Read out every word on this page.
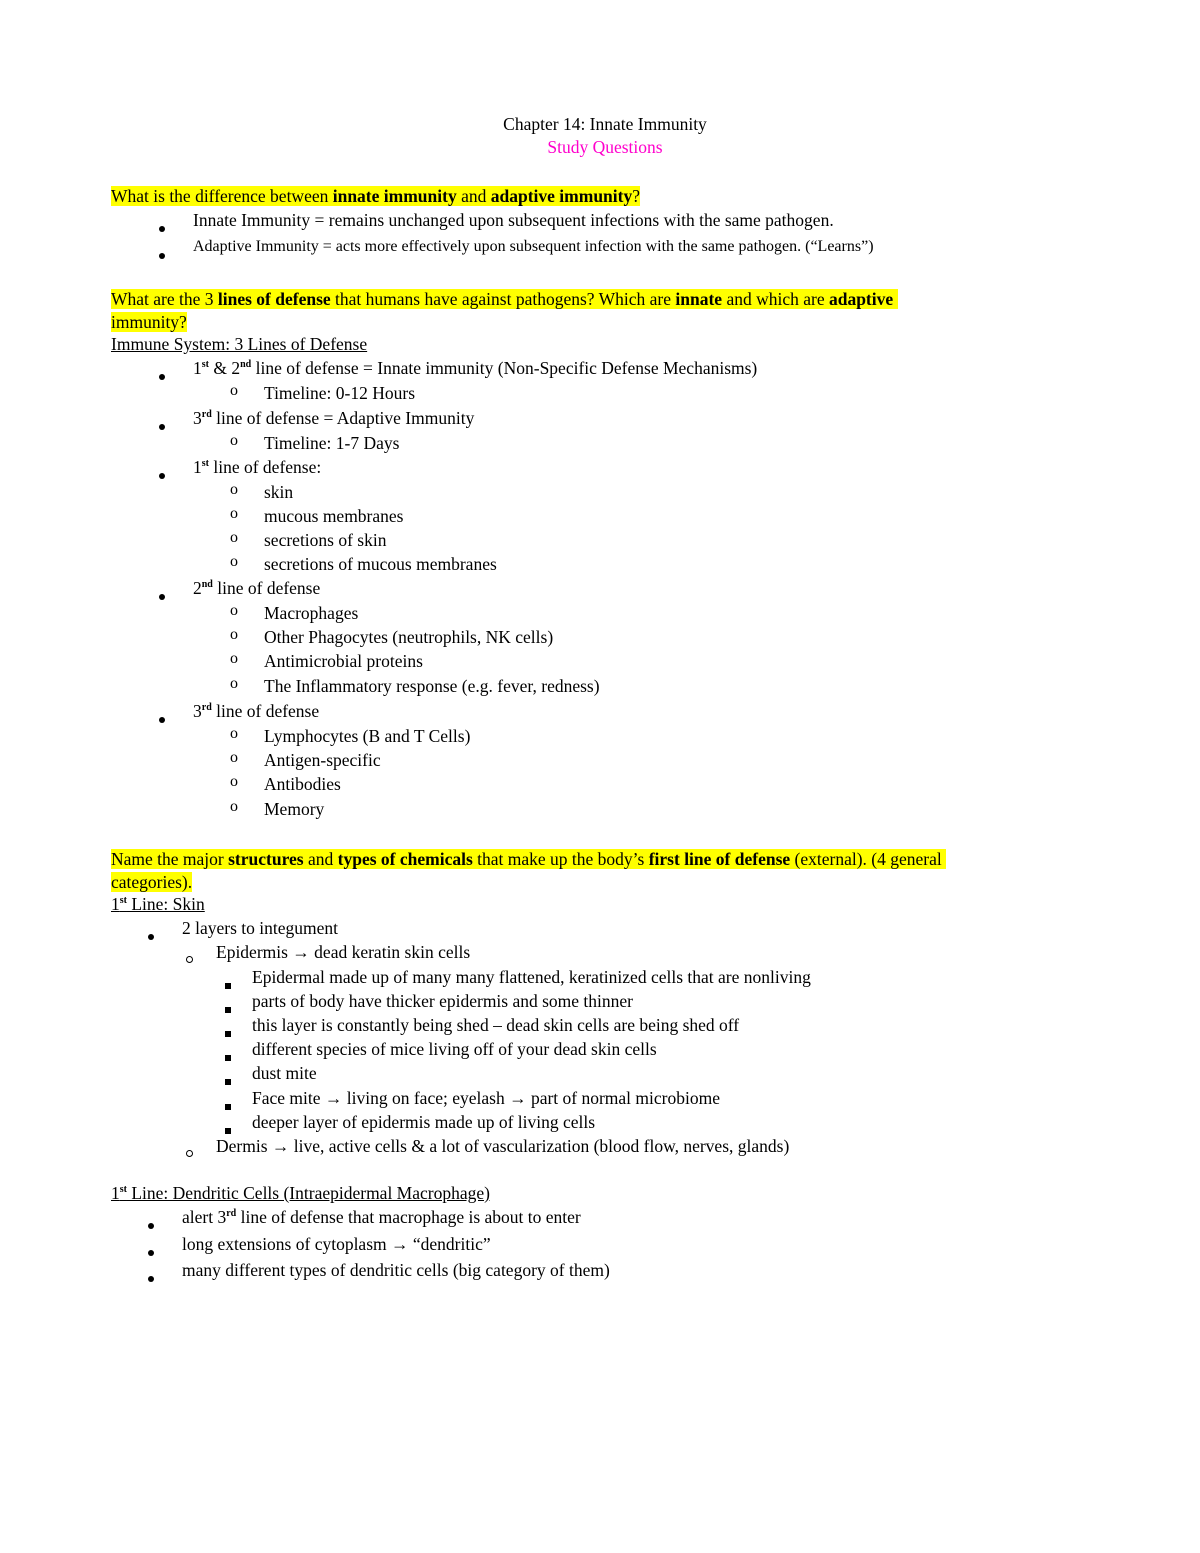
Chapter 14: Innate Immunity
Study Questions
What is the difference between innate immunity and adaptive immunity?
Innate Immunity = remains unchanged upon subsequent infections with the same pathogen.
Adaptive Immunity = acts more effectively upon subsequent infection with the same pathogen. (“Learns”)
What are the 3 lines of defense that humans have against pathogens? Which are innate and which are adaptive
immunity?
Immune System: 3 Lines of Defense
1st & 2nd line of defense = Innate immunity (Non-Specific Defense Mechanisms)
o Timeline: 0-12 Hours
3rd line of defense = Adaptive Immunity
o Timeline: 1-7 Days
1st line of defense:
o skin
o mucous membranes
o secretions of skin
o secretions of mucous membranes
2nd line of defense
o Macrophages
o Other Phagocytes (neutrophils, NK cells)
o Antimicrobial proteins
o The Inflammatory response (e.g. fever, redness)
3rd line of defense
o Lymphocytes (B and T Cells)
o Antigen-specific
o Antibodies
o Memory
Name the major structures and types of chemicals that make up the body’s first line of defense (external). (4 general
categories).
1st Line: Skin
2 layers to integument
Epidermis → dead keratin skin cells
Epidermal made up of many many flattened, keratinized cells that are nonliving
parts of body have thicker epidermis and some thinner
this layer is constantly being shed – dead skin cells are being shed off
different species of mice living off of your dead skin cells
dust mite
Face mite → living on face; eyelash → part of normal microbiome
deeper layer of epidermis made up of living cells
Dermis → live, active cells & a lot of vascularization (blood flow, nerves, glands)
1st Line: Dendritic Cells (Intraepidermal Macrophage)
alert 3rd line of defense that macrophage is about to enter
long extensions of cytoplasm → “dendritic”
many different types of dendritic cells (big category of them)
